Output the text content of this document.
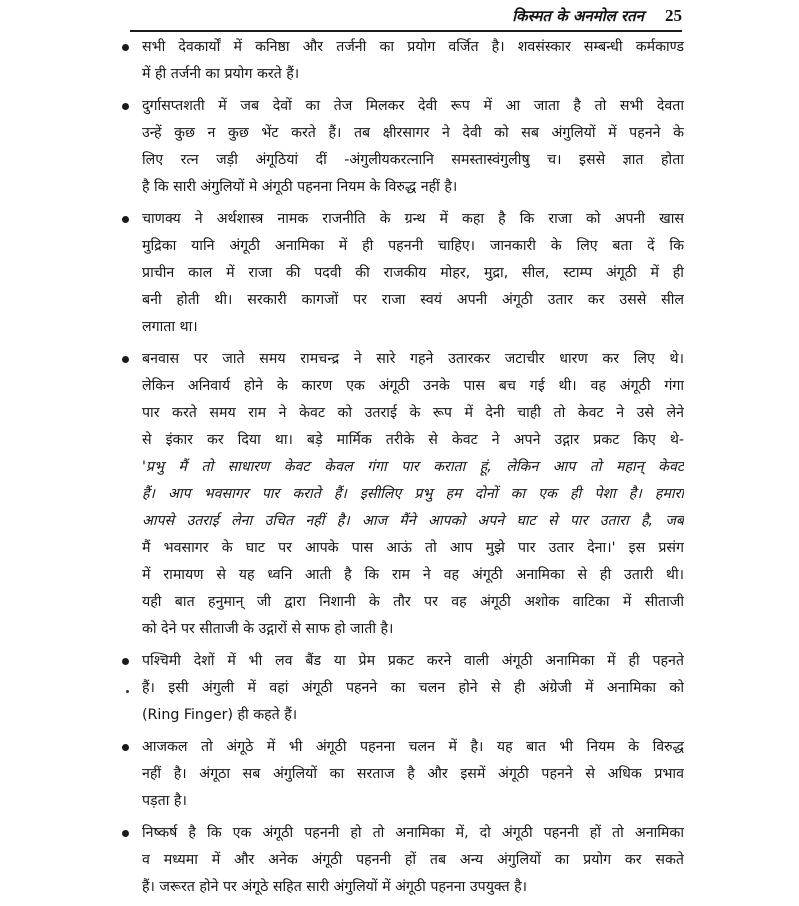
किस्मत के अनमोल रतन 25
सभी देवकार्यों में कनिष्ठा और तर्जनी का प्रयोग वर्जित है। शवसंस्कार सम्बन्धी कर्मकाण्ड
में ही तर्जनी का प्रयोग करते हैं।
दुर्गासप्तशती में जब देवों का तेज मिलकर देवी रूप में आ जाता है तो सभी देवता
उन्हें कुछ न कुछ भेंट करते हैं। तब क्षीरसागर ने देवी को सब अंगुलियों में पहनने के
लिए रत्न जड़ी अंगूठियां दीं -अंगुलीयकरत्नानि समस्तास्वंगुलीषु च। इससे ज्ञात होता
है कि सारी अंगुलियों मे अंगूठी पहनना नियम के विरुद्ध नहीं है।
चाणक्य ने अर्थशास्त्र नामक राजनीति के ग्रन्थ में कहा है कि राजा को अपनी खास
मुद्रिका यानि अंगूठी अनामिका में ही पहननी चाहिए। जानकारी के लिए बता दें कि
प्राचीन काल में राजा की पदवी की राजकीय मोहर, मुद्रा, सील, स्टाम्प अंगूठी में ही
बनी होती थी। सरकारी कागजों पर राजा स्वयं अपनी अंगूठी उतार कर उससे सील
लगाता था।
बनवास पर जाते समय रामचन्द्र ने सारे गहने उतारकर जटाचीर धारण कर लिए थे।
लेकिन अनिवार्य होने के कारण एक अंगूठी उनके पास बच गई थी। वह अंगूठी गंगा
पार करते समय राम ने केवट को उतराई के रूप में देनी चाही तो केवट ने उसे लेने
से इंकार कर दिया था। बड़े मार्मिक तरीके से केवट ने अपने उद्गार प्रकट किए थे-
'प्रभु मैं तो साधारण केवट केवल गंगा पार कराता हूं, लेकिन आप तो महान् केवट
हैं। आप भवसागर पार कराते हैं। इसीलिए प्रभु हम दोनों का एक ही पेशा है। हमारा
आपसे उतराई लेना उचित नहीं है। आज मैंने आपको अपने घाट से पार उतारा है, जब
मैं भवसागर के घाट पर आपके पास आऊं तो आप मुझे पार उतार देना।' इस प्रसंग
में रामायण से यह ध्वनि आती है कि राम ने वह अंगूठी अनामिका से ही उतारी थी।
यही बात हनुमान् जी द्वारा निशानी के तौर पर वह अंगूठी अशोक वाटिका में सीताजी
को देने पर सीताजी के उद्गारों से साफ हो जाती है।
पश्चिमी देशों में भी लव बैंड या प्रेम प्रकट करने वाली अंगूठी अनामिका में ही पहनते
हैं। इसी अंगुली में वहां अंगूठी पहनने का चलन होने से ही अंग्रेजी में अनामिका को
(Ring Finger) ही कहते हैं।
आजकल तो अंगूठे में भी अंगूठी पहनना चलन में है। यह बात भी नियम के विरुद्ध
नहीं है। अंगूठा सब अंगुलियों का सरताज है और इसमें अंगूठी पहनने से अधिक प्रभाव
पड़ता है।
निष्कर्ष है कि एक अंगूठी पहननी हो तो अनामिका में, दो अंगूठी पहननी हों तो अनामिका
व मध्यमा में और अनेक अंगूठी पहननी हों तब अन्य अंगुलियों का प्रयोग कर सकते
हैं। जरूरत होने पर अंगूठे सहित सारी अंगुलियों में अंगूठी पहनना उपयुक्त है।
